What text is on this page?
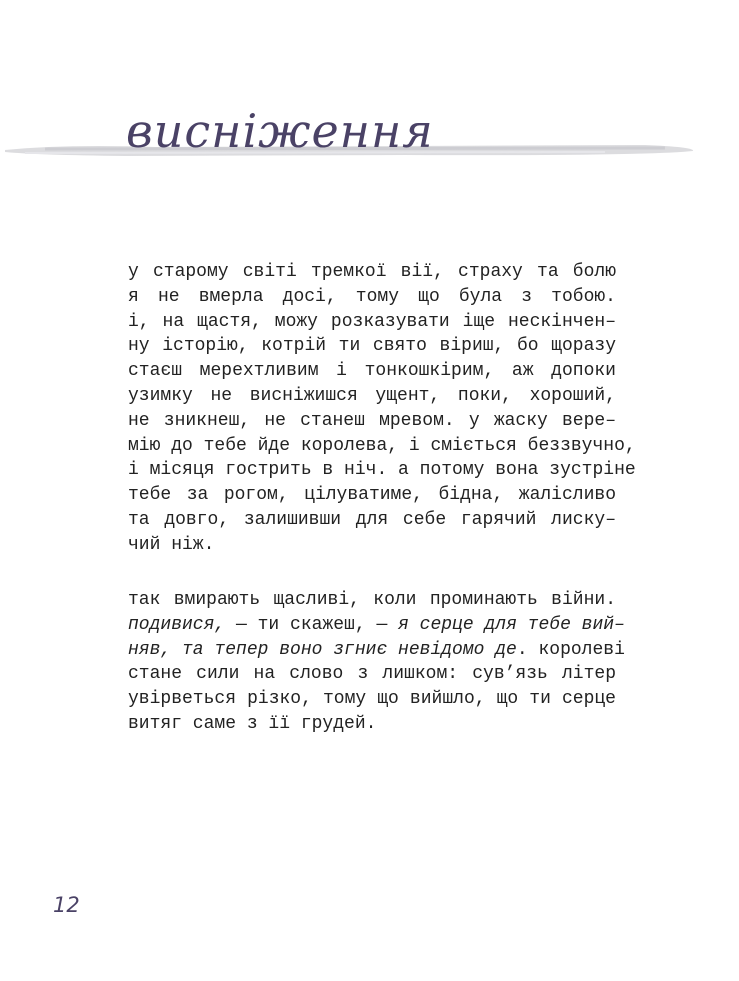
висніження
у старому світі тремкої вії, страху та болю
я не вмерла досі, тому що була з тобою.
і, на щастя, можу розказувати іще нескінчен–
ну історію, котрій ти свято віриш, бо щоразу
стаєш мерехтливим і тонкошкірим, аж допоки
узимку не висніжишся ущент, поки, хороший,
не зникнеш, не станеш мревом. у жаску вере–
мію до тебе йде королева, і сміється беззвучно,
і місяця гострить в ніч. а потому вона зустріне
тебе за рогом, цілуватиме, бідна, жалісливо
та довго, залишивши для себе гарячий лиску–
чий ніж.
так вмирають щасливі, коли проминають війни.
подивися, — ти скажеш, — я серце для тебе вий–
няв, та тепер воно згниє невідомо де. королеві
стане сили на слово з лишком: сув’язь літер
увірветься різко, тому що вийшло, що ти серце
витяг саме з її грудей.
12
